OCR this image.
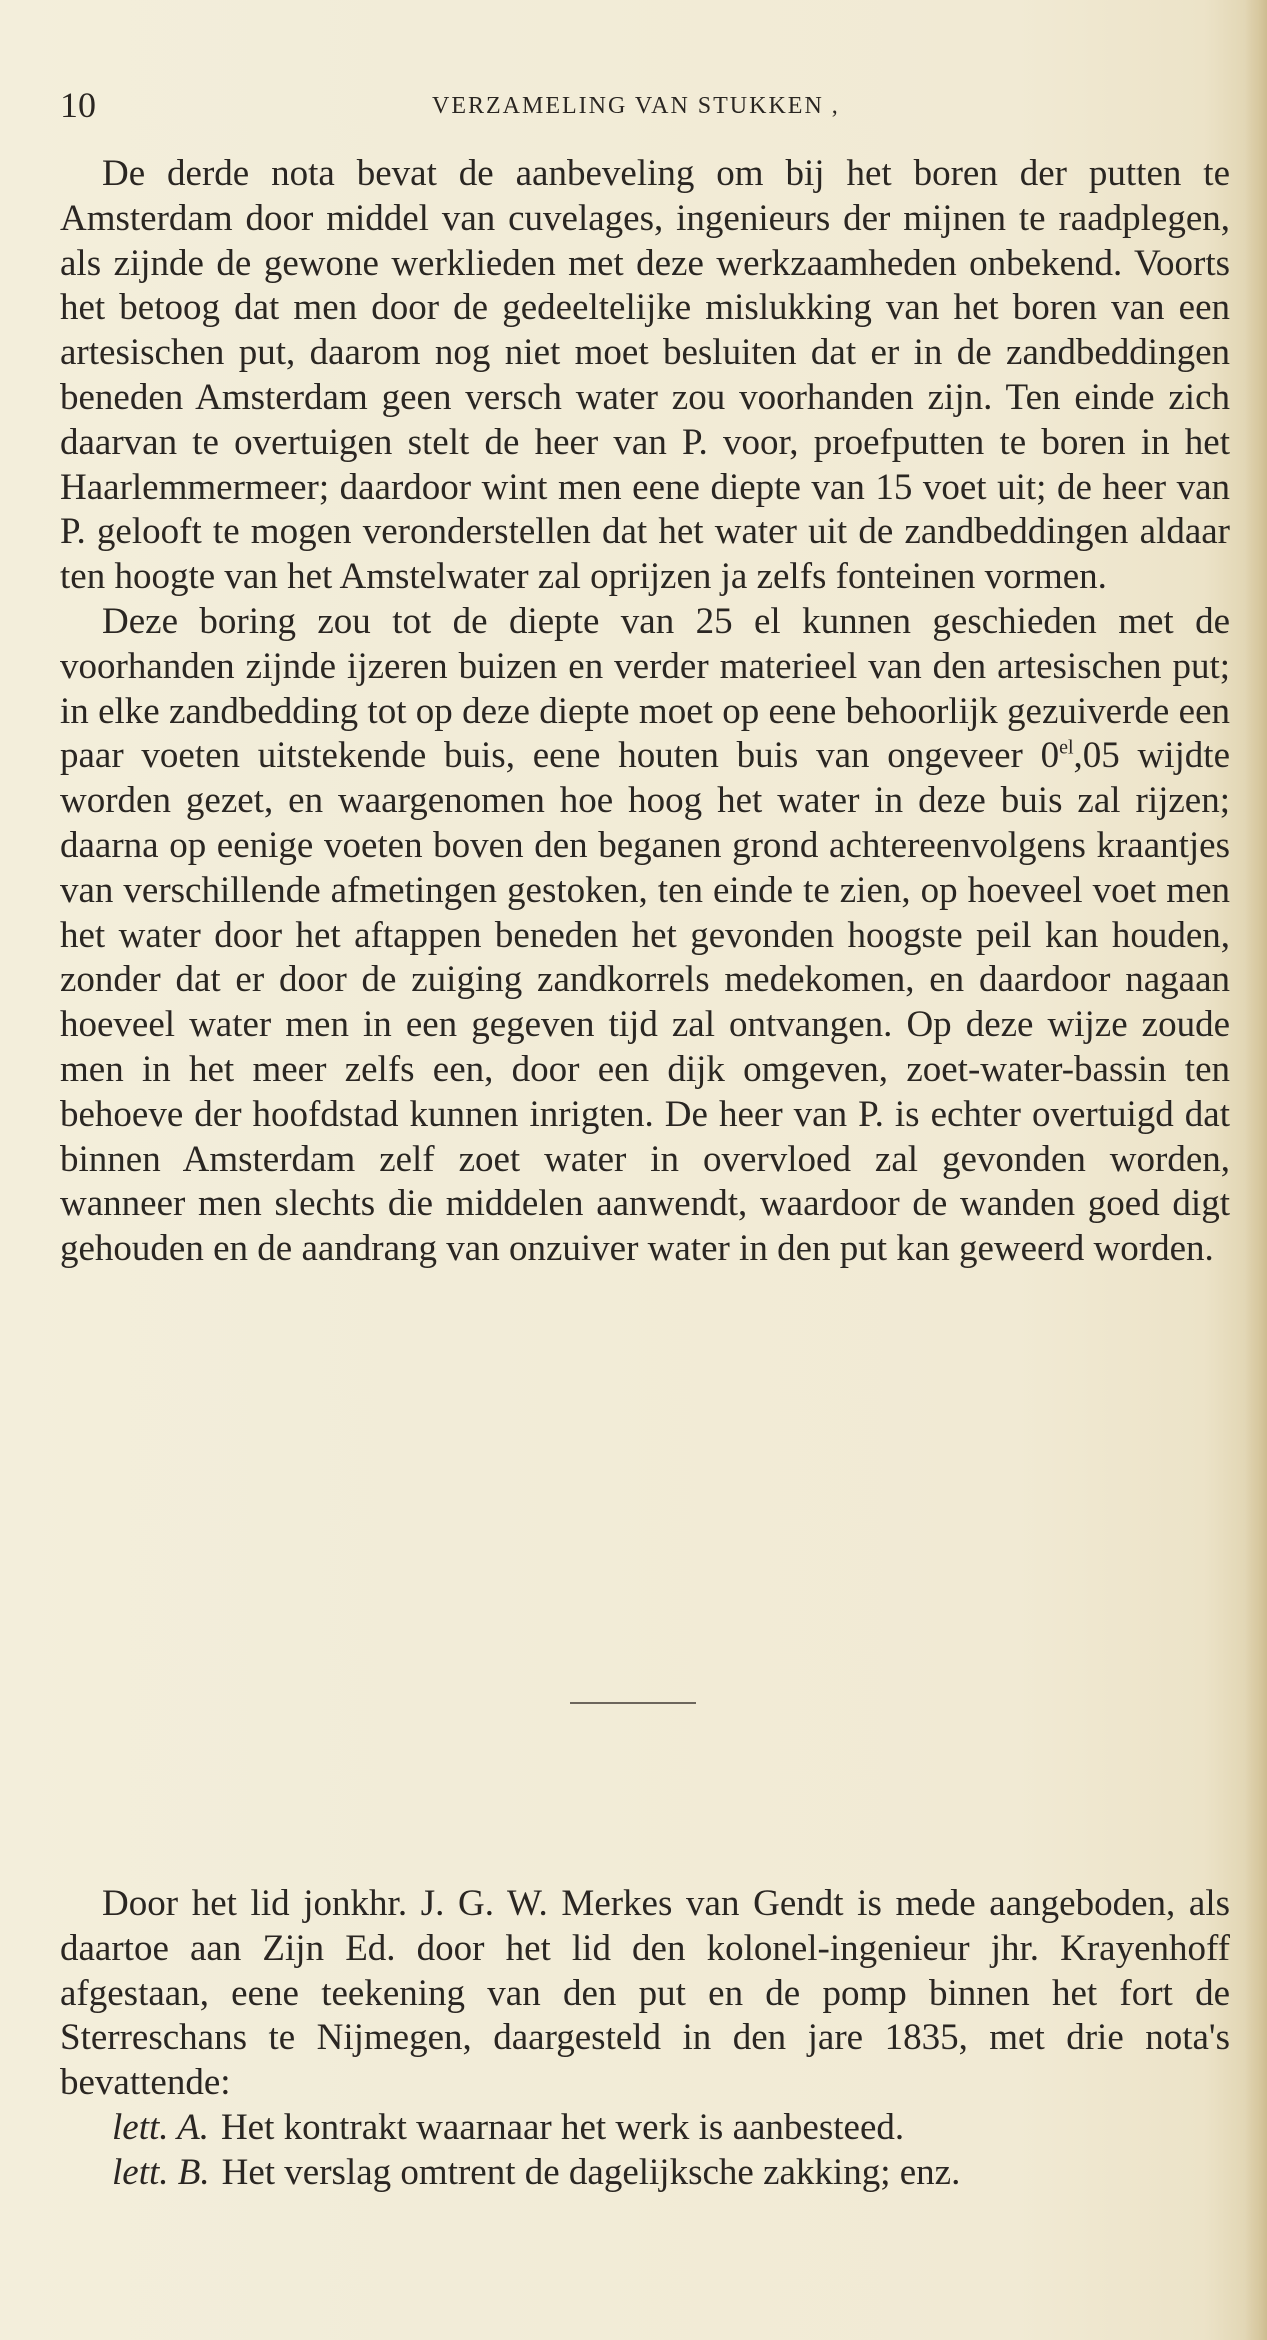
10	VERZAMELING VAN STUKKEN ,

De derde nota bevat de aanbeveling om bij het boren der putten te Amsterdam door middel van cuvelages, ingenieurs der mijnen te raadplegen, als zijnde de gewone werklieden met deze werkzaamheden onbekend. Voorts het betoog dat men door de gedeeltelijke mislukking van het boren van een artesischen put, daarom nog niet moet besluiten dat er in de zandbeddingen beneden Amsterdam geen versch water zou voorhanden zijn. Ten einde zich daarvan te overtuigen stelt de heer van P. voor, proefputten te boren in het Haarlemmermeer; daardoor wint men eene diepte van 15 voet uit; de heer van P. gelooft te mogen veronderstellen dat het water uit de zandbeddingen aldaar ten hoogte van het Amstelwater zal oprijzen ja zelfs fonteinen vormen.

Deze boring zou tot de diepte van 25 el kunnen geschieden met de voorhanden zijnde ijzeren buizen en verder materieel van den artesischen put; in elke zandbedding tot op deze diepte moet op eene behoorlijk gezuiverde een paar voeten uitstekende buis, eene houten buis van ongeveer $0^{el},05$ wijdte worden gezet, en waargenomen hoe hoog het water in deze buis zal rijzen; daarna op eenige voeten boven den beganen grond achtereenvolgens kraantjes van verschillende afmetingen gestoken, ten einde te zien, op hoeveel voet men het water door het aftappen beneden het gevonden hoogste peil kan houden, zonder dat er door de zuiging zandkorrels medekomen, en daardoor nagaan hoeveel water men in een gegeven tijd zal ontvangen. Op deze wijze zoude men in het meer zelfs een, door een dijk omgeven, zoet-water-bassin ten behoeve der hoofdstad kunnen inrigten. De heer van P. is echter overtuigd dat binnen Amsterdam zelf zoet water in overvloed zal gevonden worden, wanneer men slechts die middelen aanwendt, waardoor de wanden goed digt gehouden en de aandrang van onzuiver water in den put kan geweerd worden.

Door het lid jonkhr. J. G. W. Merkes van Gendt is mede aangeboden, als daartoe aan Zijn Ed. door het lid den kolonel-ingenieur jhr. Krayenhoff afgestaan, eene teekening van den put en de pomp binnen het fort de Sterreschans te Nijmegen, daargesteld in den jare 1835, met drie nota's bevattende:

lett. A. Het kontrakt waarnaar het werk is aanbesteed.

lett. B. Het verslag omtrent de dagelijksche zakking; enz.
